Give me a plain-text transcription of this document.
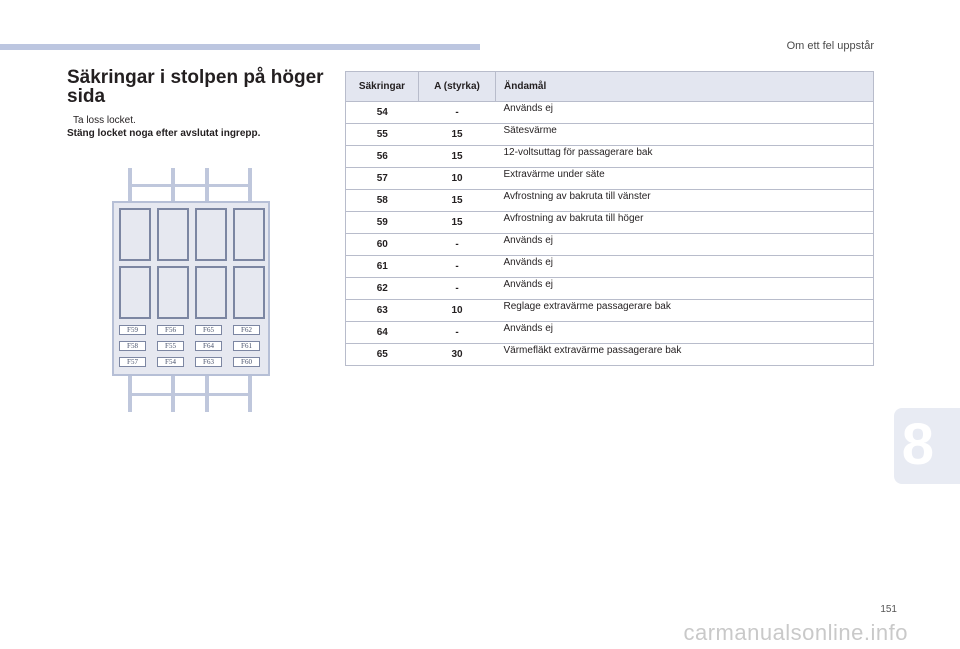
Om ett fel uppstår
Säkringar i stolpen på höger sida
Ta loss locket.
Stäng locket noga efter avslutat ingrepp.
F59	F56	F65	F62
F58	F55	F64	F61
F57	F54	F63	F60
Säkringar	A (styrka)	Ändamål
54	-	Används ej
55	15	Sätesvärme
56	15	12-voltsuttag för passagerare bak
57	10	Extravärme under säte
58	15	Avfrostning av bakruta till vänster
59	15	Avfrostning av bakruta till höger
60	-	Används ej
61	-	Används ej
62	-	Används ej
63	10	Reglage extravärme passagerare bak
64	-	Används ej
65	30	Värmefläkt extravärme passagerare bak
8
151
carmanualsonline.info
